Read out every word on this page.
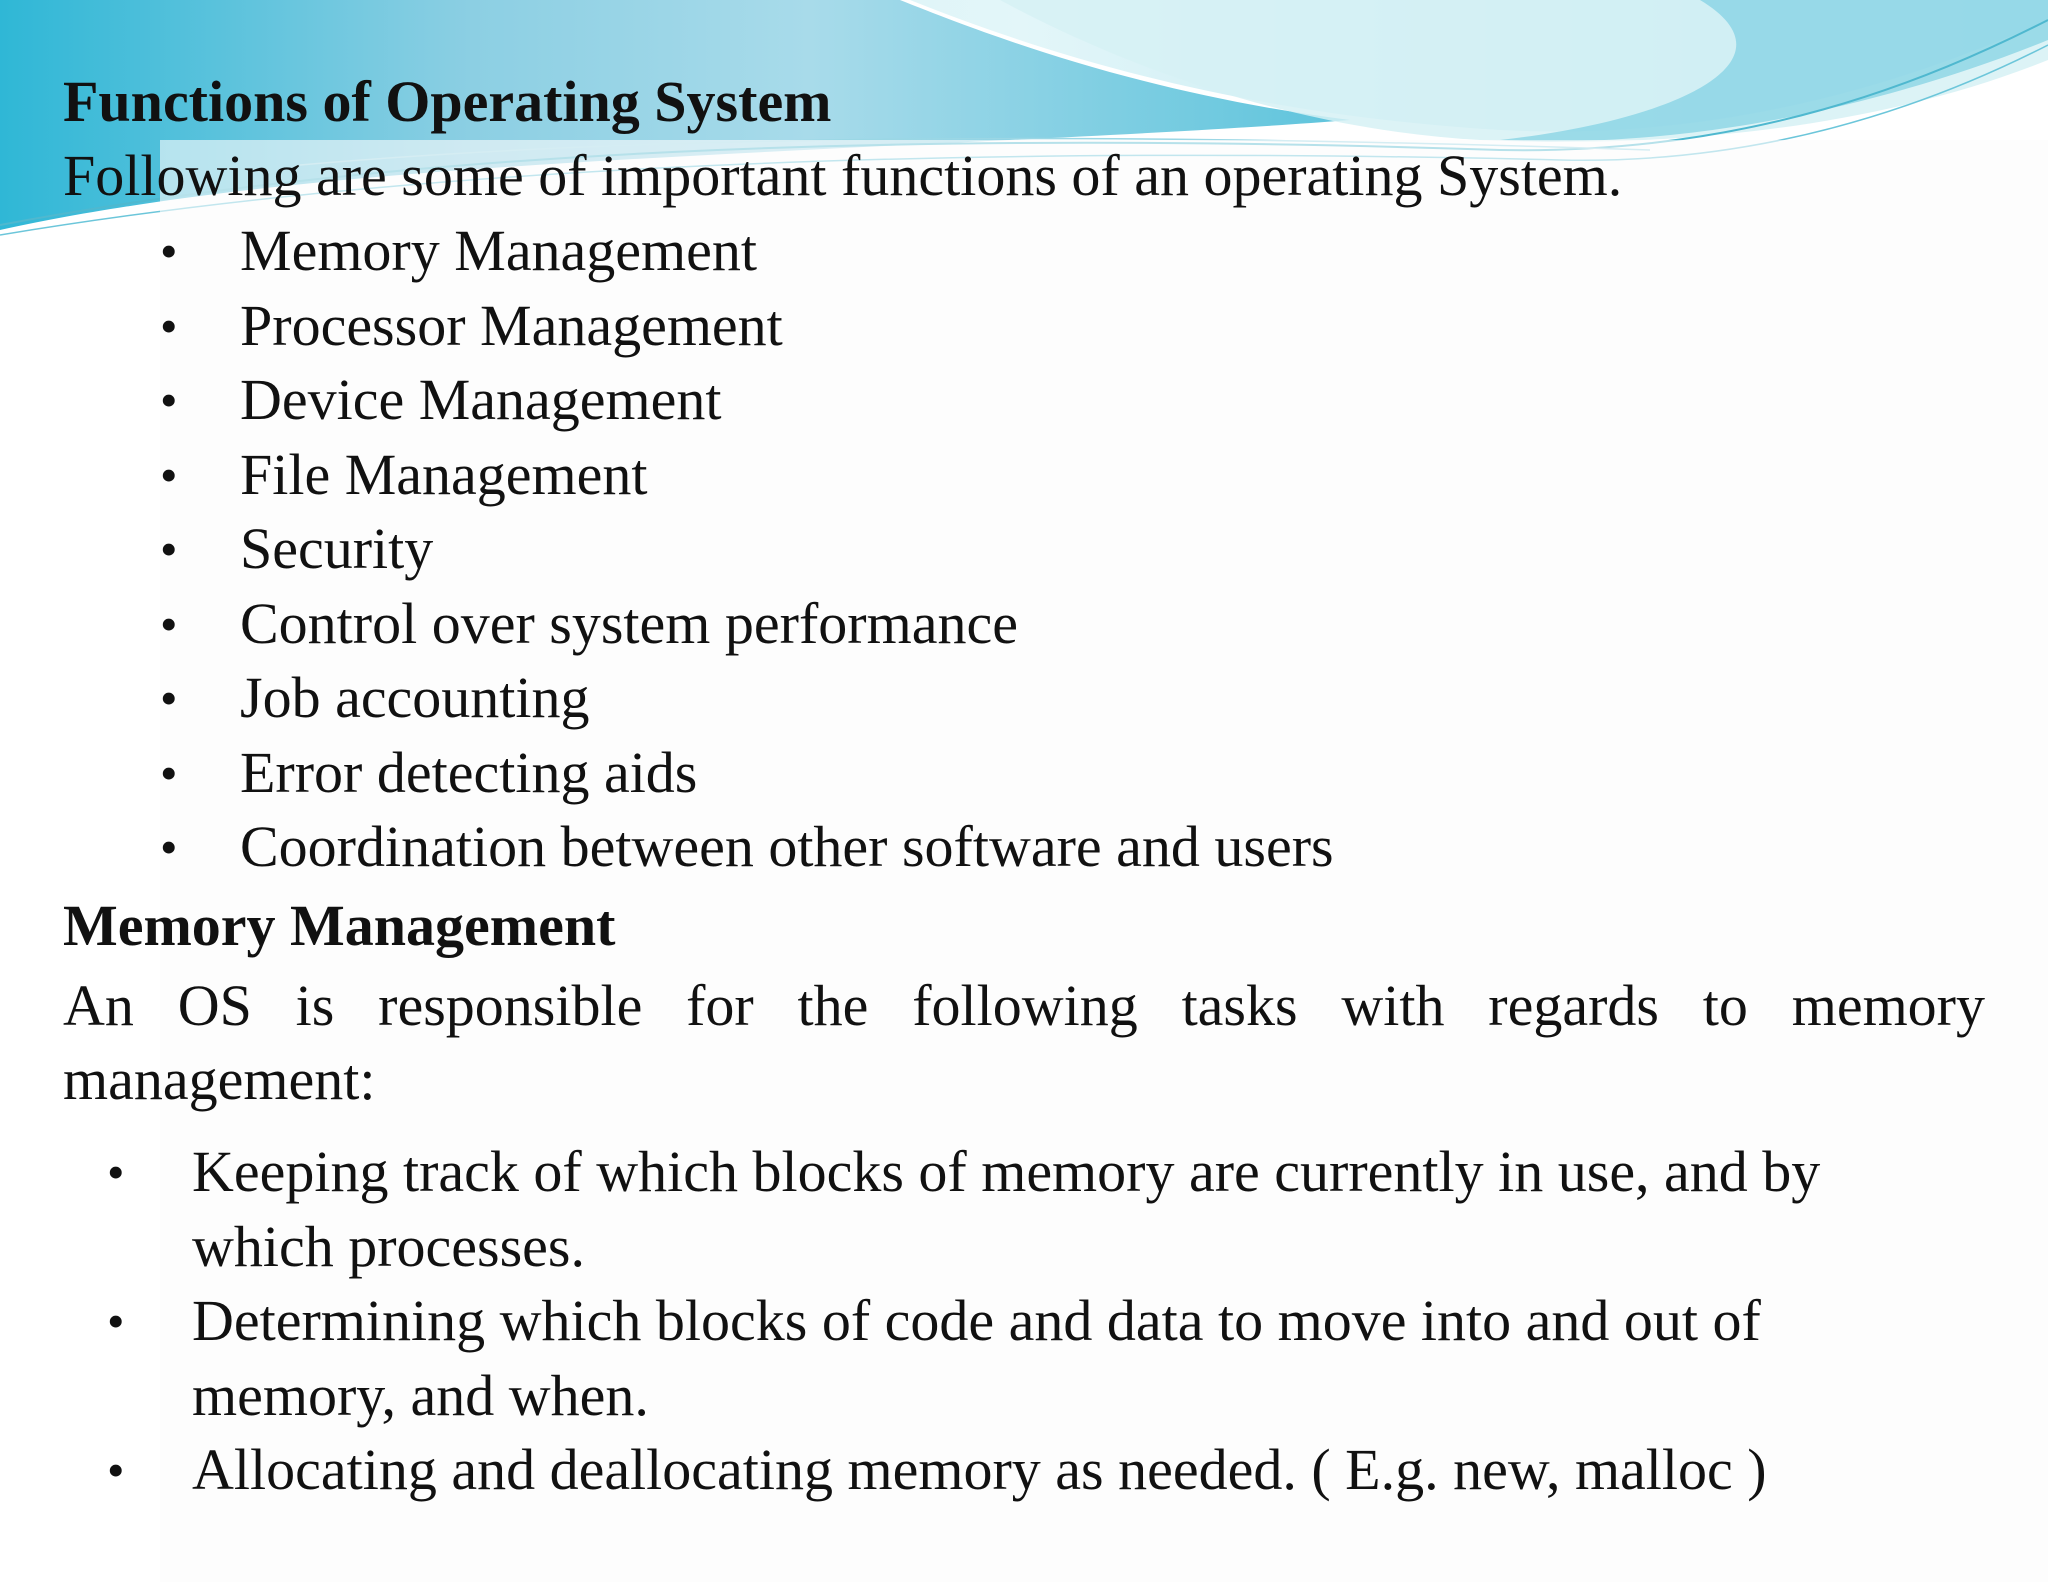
Functions of Operating System

Following are some of important functions of an operating System.

• Memory Management
• Processor Management
• Device Management
• File Management
• Security
• Control over system performance
• Job accounting
• Error detecting aids
• Coordination between other software and users
Memory Management

An OS is responsible for the following tasks with regards to memory management:

• Keeping track of which blocks of memory are currently in use, and by which processes.
• Determining which blocks of code and data to move into and out of memory, and when.
• Allocating and deallocating memory as needed. ( E.g. new, malloc )
